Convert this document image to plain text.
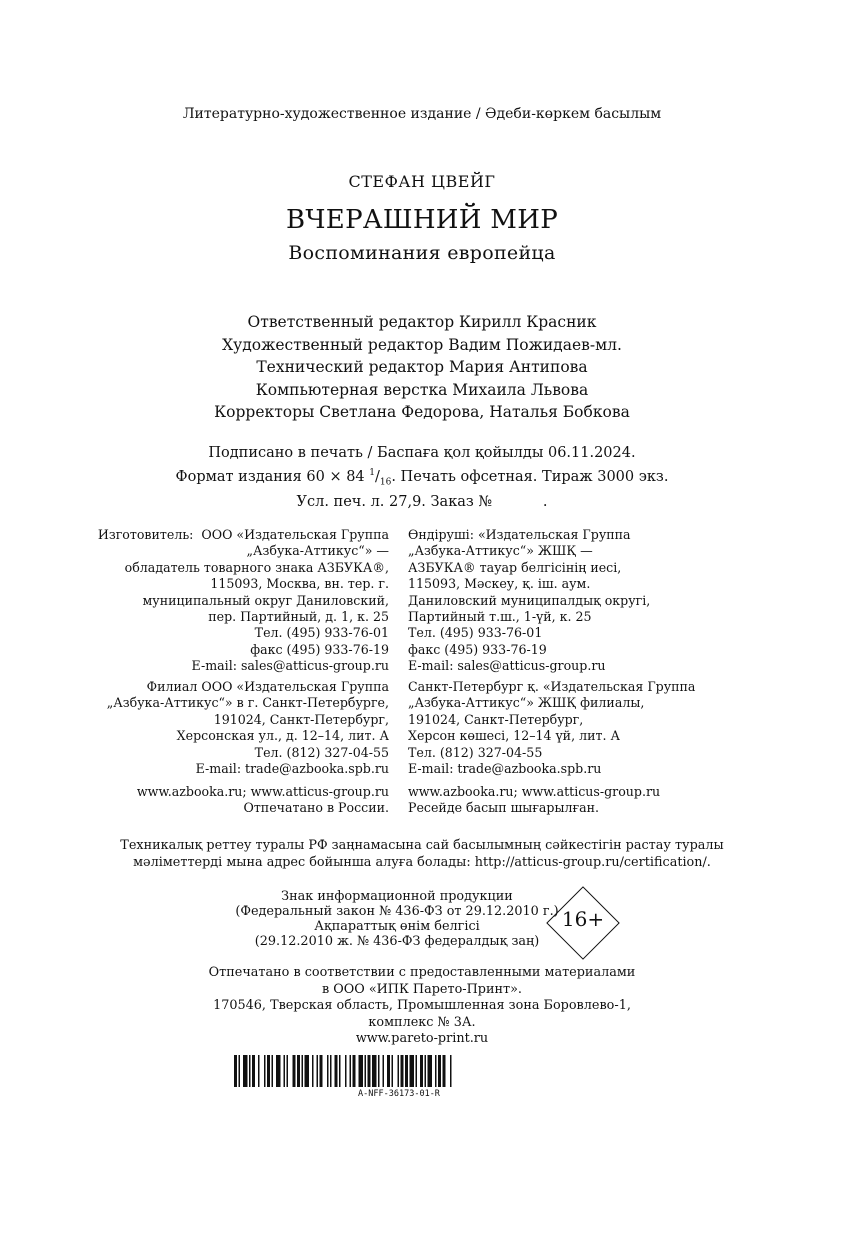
Литературно-художественное издание / Әдеби-көркем басылым
СТЕФАН ЦВЕЙГ
ВЧЕРАШНИЙ МИР
Воспоминания европейца
Ответственный редактор Кирилл Красник
Художественный редактор Вадим Пожидаев-мл.
Технический редактор Мария Антипова
Компьютерная верстка Михаила Львова
Корректоры Светлана Федорова, Наталья Бобкова
Подписано в печать / Баспаға қол қойылды 06.11.2024.
Формат издания 60 × 84 $^1/_{16}$. Печать офсетная. Тираж 3000 экз.
Усл. печ. л. 27,9. Заказ №           .
Изготовитель:  ООО «Издательская Группа
„Азбука-Аттикус“» —
обладатель товарного знака АЗБУКА®,
115093, Москва, вн. тер. г.
муниципальный округ Даниловский,
пер. Партийный, д. 1, к. 25
Тел. (495) 933-76-01
факс (495) 933-76-19
E-mail: sales@atticus-group.ru
Өндіруші: «Издательская Группа
„Азбука-Аттикус“» ЖШҚ —
АЗБУКА® тауар белгісінің иесі,
115093, Мәскеу, қ. іш. аум.
Даниловский муниципалдық округі,
Партийный т.ш., 1-үй, к. 25
Тел. (495) 933-76-01
факс (495) 933-76-19
E-mail: sales@atticus-group.ru
Филиал ООО «Издательская Группа
„Азбука-Аттикус“» в г. Санкт-Петербурге,
191024, Санкт-Петербург,
Херсонская ул., д. 12–14, лит. А
Тел. (812) 327-04-55
E-mail: trade@azbooka.spb.ru
Санкт-Петербург қ. «Издательская Группа
„Азбука-Аттикус“» ЖШҚ филиалы,
191024, Санкт-Петербург,
Херсон көшесі, 12–14 үй, лит. А
Тел. (812) 327-04-55
E-mail: trade@azbooka.spb.ru
www.azbooka.ru; www.atticus-group.ru
Отпечатано в России.
www.azbooka.ru; www.atticus-group.ru
Ресейде басып шығарылған.
Техникалық реттеу туралы РФ заңнамасына сай басылымның сәйкестігін растау туралы
мәліметтерді мына адрес бойынша алуға болады: http://atticus-group.ru/certification/.
Знак информационной продукции
(Федеральный закон № 436-ФЗ от 29.12.2010 г.)
Ақпараттық өнім белгісі
(29.12.2010 ж. № 436-ФЗ федералдық заң)
16+
Отпечатано в соответствии с предоставленными материалами
в ООО «ИПК Парето-Принт».
170546, Тверская область, Промышленная зона Боровлево-1,
комплекс № 3А.
www.pareto-print.ru
A-NFF-36173-01-R
